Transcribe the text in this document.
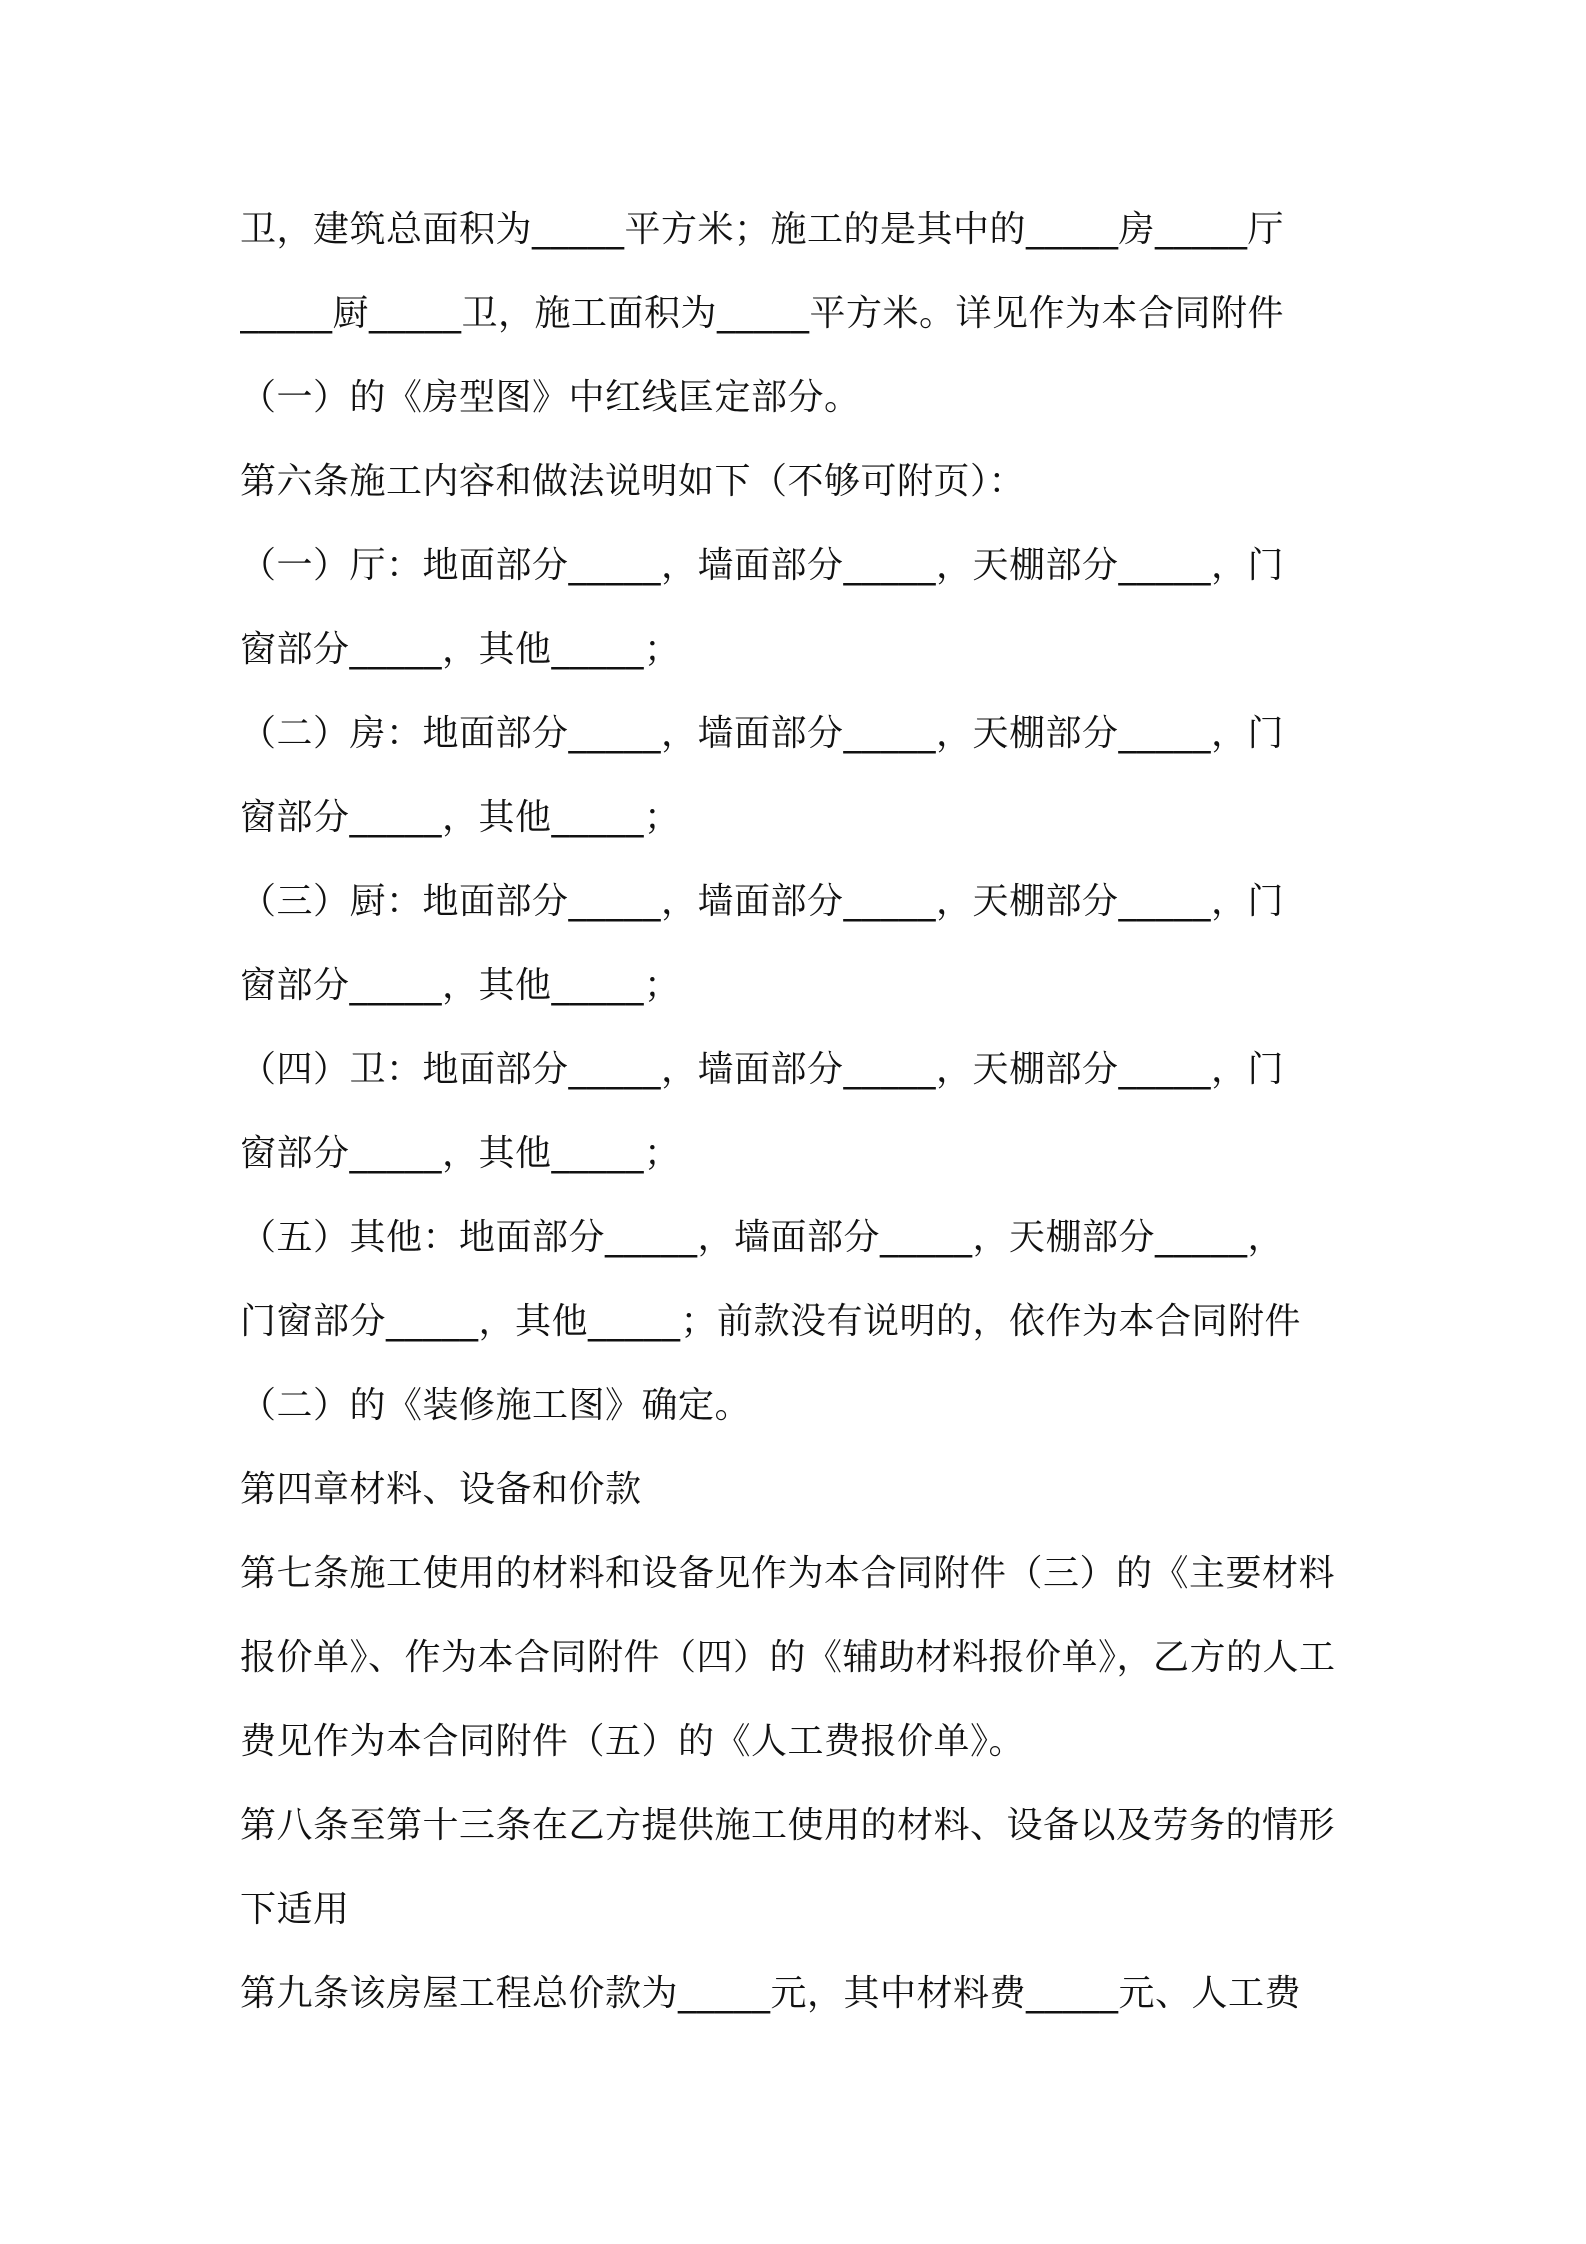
卫，建筑总面积为_____平方米；施工的是其中的_____房_____厅
_____厨_____卫，施工面积为_____平方米。详见作为本合同附件
（一）的《房型图》中红线匡定部分。
第六条施工内容和做法说明如下（不够可附页）：
（一）厅：地面部分_____，墙面部分_____，天棚部分_____，门
窗部分_____，其他_____；
（二）房：地面部分_____，墙面部分_____，天棚部分_____，门
窗部分_____，其他_____；
（三）厨：地面部分_____，墙面部分_____，天棚部分_____，门
窗部分_____，其他_____；
（四）卫：地面部分_____，墙面部分_____，天棚部分_____，门
窗部分_____，其他_____；
（五）其他：地面部分_____，墙面部分_____，天棚部分_____，
门窗部分_____，其他_____；前款没有说明的，依作为本合同附件
（二）的《装修施工图》确定。
第四章材料、设备和价款
第七条施工使用的材料和设备见作为本合同附件（三）的《主要材料
报价单》、作为本合同附件（四）的《辅助材料报价单》，乙方的人工
费见作为本合同附件（五）的《人工费报价单》。
第八条至第十三条在乙方提供施工使用的材料、设备以及劳务的情形
下适用
第九条该房屋工程总价款为_____元，其中材料费_____元、人工费
